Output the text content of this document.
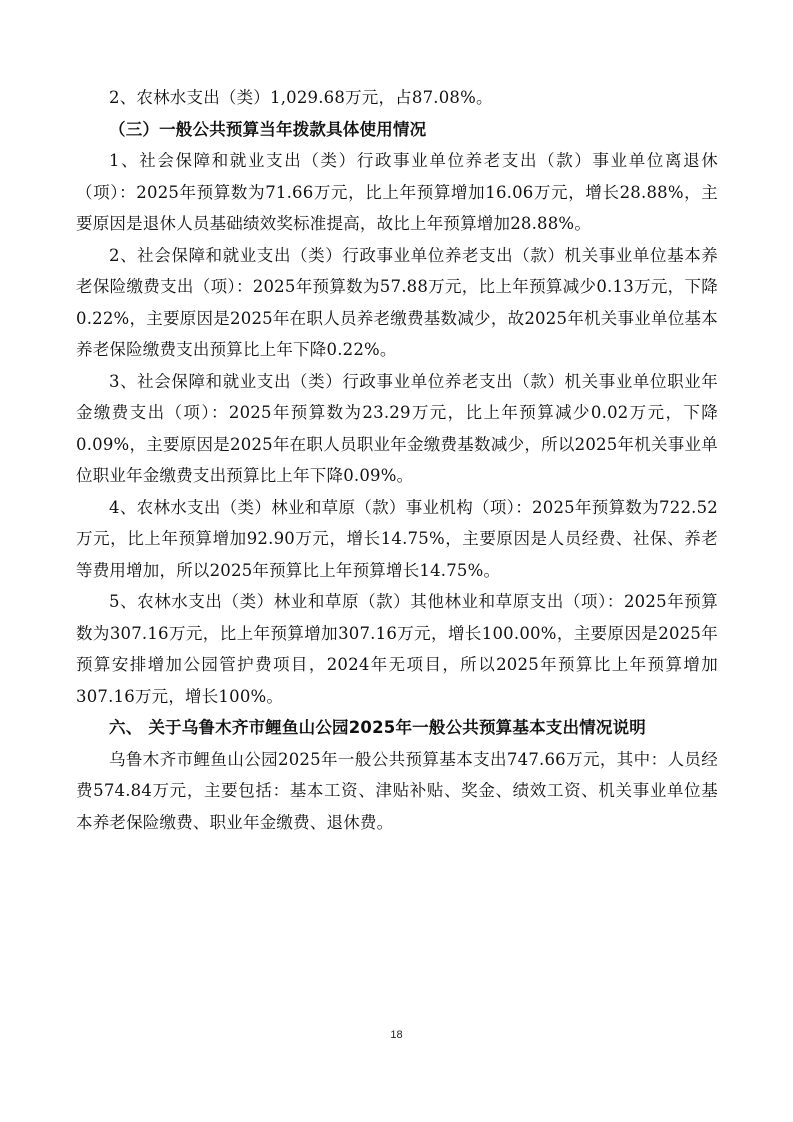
2、农林水支出（类）1,029.68万元，占87.08%。

（三）一般公共预算当年拨款具体使用情况

1、社会保障和就业支出（类）行政事业单位养老支出（款）事业单位离退休（项）：2025年预算数为71.66万元，比上年预算增加16.06万元，增长28.88%，主要原因是退休人员基础绩效奖标准提高，故比上年预算增加28.88%。

2、社会保障和就业支出（类）行政事业单位养老支出（款）机关事业单位基本养老保险缴费支出（项）：2025年预算数为57.88万元，比上年预算减少0.13万元，下降0.22%，主要原因是2025年在职人员养老缴费基数减少，故2025年机关事业单位基本养老保险缴费支出预算比上年下降0.22%。

3、社会保障和就业支出（类）行政事业单位养老支出（款）机关事业单位职业年金缴费支出（项）：2025年预算数为23.29万元，比上年预算减少0.02万元，下降0.09%，主要原因是2025年在职人员职业年金缴费基数减少，所以2025年机关事业单位职业年金缴费支出预算比上年下降0.09%。

4、农林水支出（类）林业和草原（款）事业机构（项）：2025年预算数为722.52万元，比上年预算增加92.90万元，增长14.75%，主要原因是人员经费、社保、养老等费用增加，所以2025年预算比上年预算增长14.75%。

5、农林水支出（类）林业和草原（款）其他林业和草原支出（项）：2025年预算数为307.16万元，比上年预算增加307.16万元，增长100.00%，主要原因是2025年预算安排增加公园管护费项目，2024年无项目，所以2025年预算比上年预算增加307.16万元，增长100%。

六、 关于乌鲁木齐市鲤鱼山公园2025年一般公共预算基本支出情况说明

乌鲁木齐市鲤鱼山公园2025年一般公共预算基本支出747.66万元，其中：人员经费574.84万元，主要包括：基本工资、津贴补贴、奖金、绩效工资、机关事业单位基本养老保险缴费、职业年金缴费、退休费。

18
